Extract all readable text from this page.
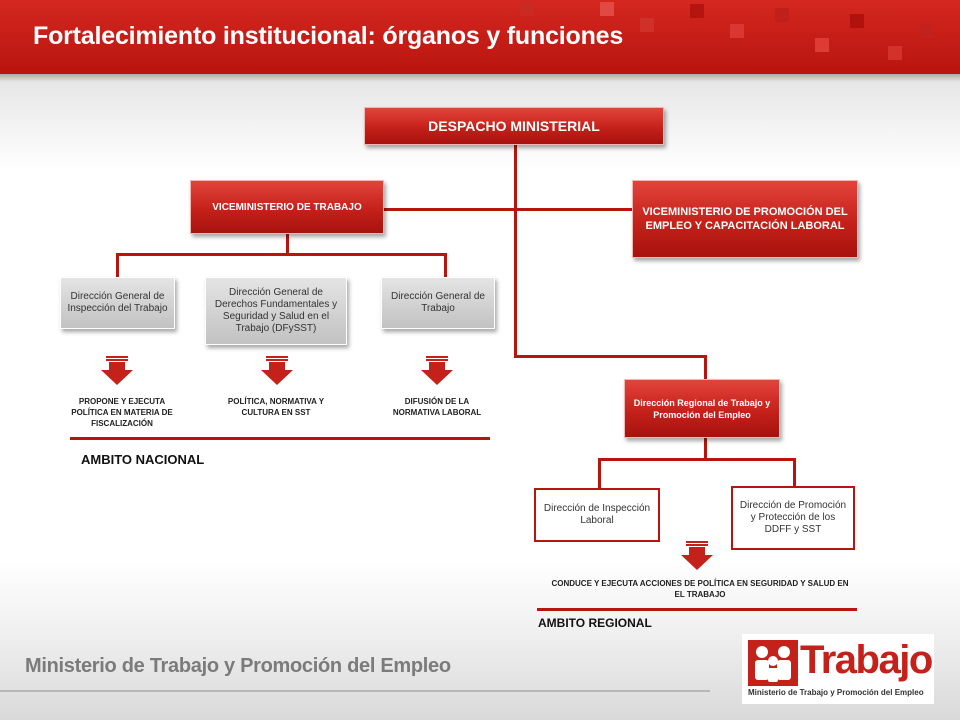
Fortalecimiento institucional: órganos y funciones
DESPACHO MINISTERIAL
VICEMINISTERIO DE TRABAJO	VICEMINISTERIO DE PROMOCIÓN DEL EMPLEO Y CAPACITACIÓN LABORAL
Dirección General de Inspección del Trabajo
Dirección General de Derechos Fundamentales y Seguridad y Salud en el Trabajo (DFySST)
Dirección General de Trabajo
Dirección Regional de Trabajo y Promoción del Empleo
Dirección de Inspección Laboral
Dirección de Promoción y Protección de los DDFF y SST
PROPONE Y EJECUTA POLÍTICA EN MATERIA DE FISCALIZACIÓN
POLÍTICA, NORMATIVA Y CULTURA EN SST
DIFUSIÓN DE LA NORMATIVA LABORAL
CONDUCE Y EJECUTA ACCIONES DE POLÍTICA EN SEGURIDAD Y SALUD EN EL TRABAJO
AMBITO NACIONAL
AMBITO REGIONAL
Ministerio de Trabajo y Promoción del Empleo	Trabajo
Ministerio de Trabajo y Promoción del Empleo
